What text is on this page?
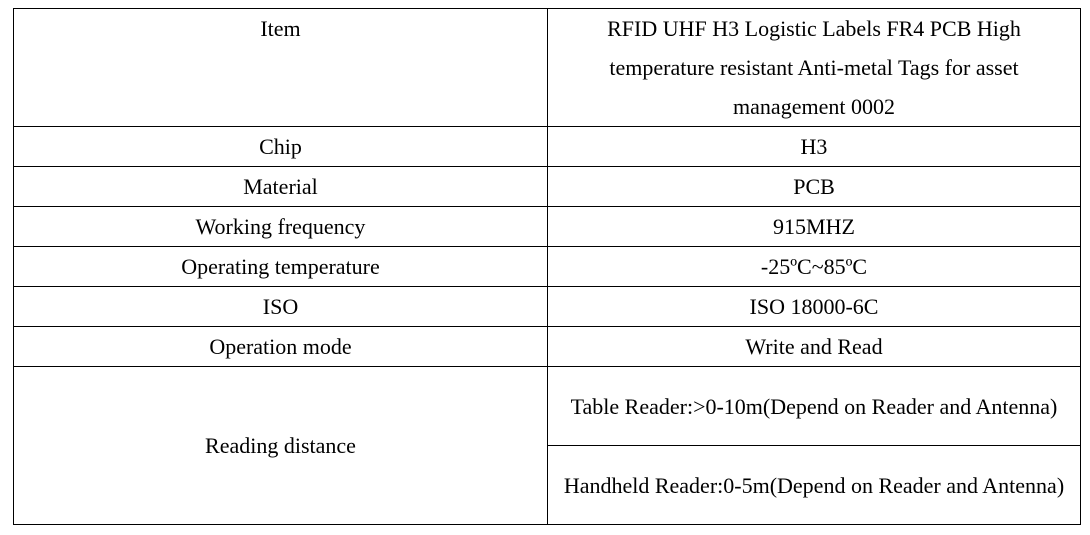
Item	RFID UHF H3 Logistic Labels FR4 PCB High temperature resistant Anti-metal Tags for asset management 0002
Chip	H3
Material	PCB
Working frequency	915MHZ
Operating temperature	-25ºC~85ºC
ISO	ISO 18000-6C
Operation mode	Write and Read
Reading distance	Table Reader:>0-10m(Depend on Reader and Antenna)
	Handheld Reader:0-5m(Depend on Reader and Antenna)
